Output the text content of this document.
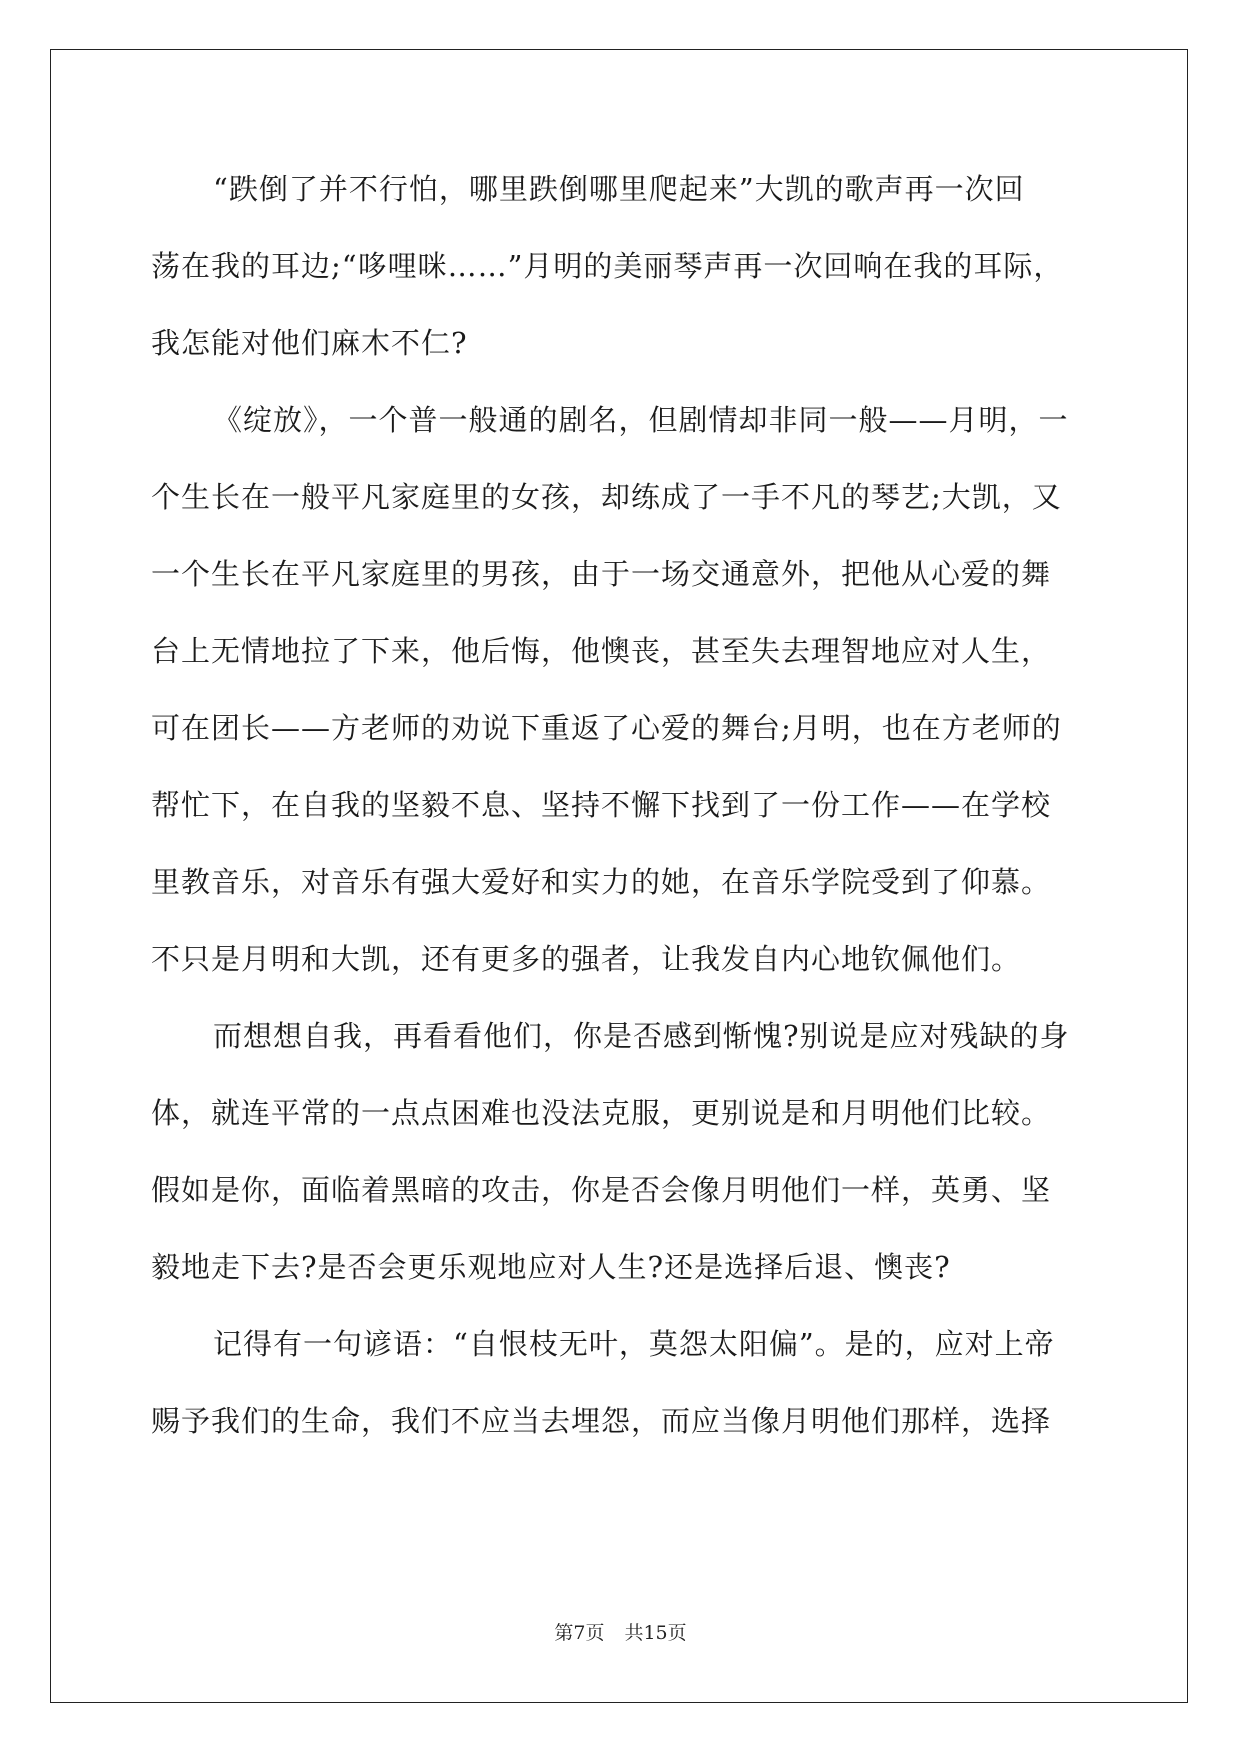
“跌倒了并不行怕，哪里跌倒哪里爬起来”大凯的歌声再一次回
荡在我的耳边;“哆哩咪……”月明的美丽琴声再一次回响在我的耳际，
我怎能对他们麻木不仁?
《绽放》，一个普一般通的剧名，但剧情却非同一般——月明，一
个生长在一般平凡家庭里的女孩，却练成了一手不凡的琴艺;大凯，又
一个生长在平凡家庭里的男孩，由于一场交通意外，把他从心爱的舞
台上无情地拉了下来，他后悔，他懊丧，甚至失去理智地应对人生，
可在团长——方老师的劝说下重返了心爱的舞台;月明，也在方老师的
帮忙下，在自我的坚毅不息、坚持不懈下找到了一份工作——在学校
里教音乐，对音乐有强大爱好和实力的她，在音乐学院受到了仰慕。
不只是月明和大凯，还有更多的强者，让我发自内心地钦佩他们。
而想想自我，再看看他们，你是否感到惭愧?别说是应对残缺的身
体，就连平常的一点点困难也没法克服，更别说是和月明他们比较。
假如是你，面临着黑暗的攻击，你是否会像月明他们一样，英勇、坚
毅地走下去?是否会更乐观地应对人生?还是选择后退、懊丧?
记得有一句谚语：“自恨枝无叶，莫怨太阳偏”。是的，应对上帝
赐予我们的生命，我们不应当去埋怨，而应当像月明他们那样，选择
第7页 共15页
